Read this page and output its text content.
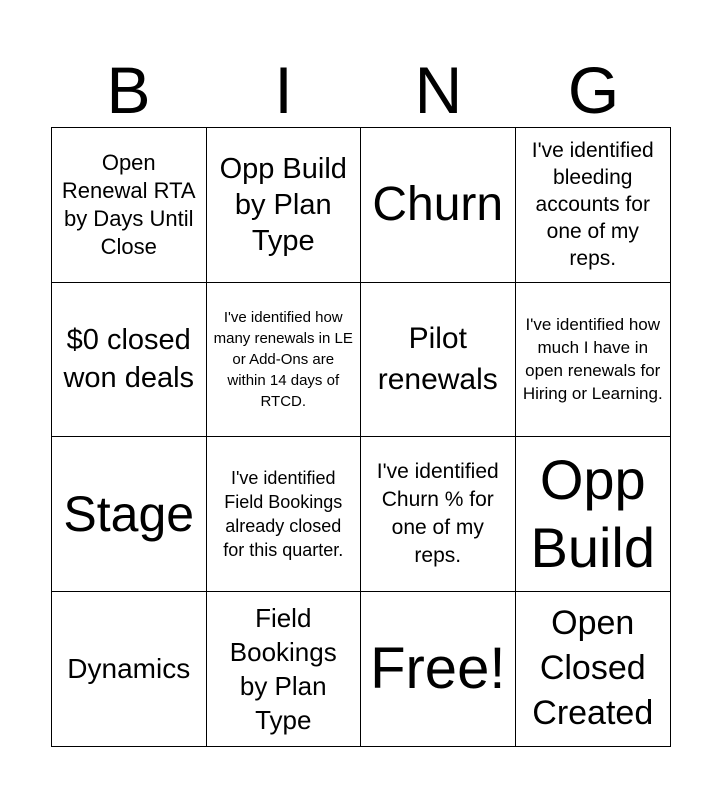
B	I	N	G
Open Renewal RTA by Days Until Close
Opp Build by Plan Type
Churn
I've identified bleeding accounts for one of my reps.
$0 closed won deals
I've identified how many renewals in LE or Add-Ons are within 14 days of RTCD.
Pilot renewals
I've identified how much I have in open renewals for Hiring or Learning.
Stage
I've identified Field Bookings already closed for this quarter.
I've identified Churn % for one of my reps.
Opp Build
Dynamics
Field Bookings by Plan Type
Free!
Open Closed Created
